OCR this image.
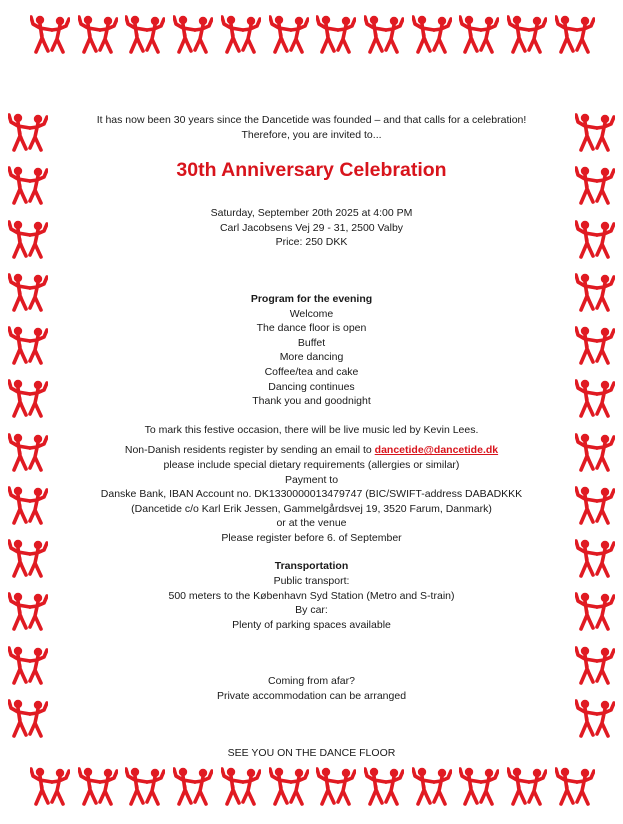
It has now been 30 years since the Dancetide was founded – and that calls for a celebration!

Therefore, you are invited to...

30th Anniversary Celebration

Saturday, September 20th 2025 at 4:00 PM

Carl Jacobsens Vej 29 - 31, 2500 Valby

Price: 250 DKK

Program for the evening

Welcome

The dance floor is open

Buffet

More dancing

Coffee/tea and cake

Dancing continues

Thank you and goodnight

To mark this festive occasion, there will be live music led by Kevin Lees.

Non-Danish residents register by sending an email to dancetide@dancetide.dk

please include special dietary requirements (allergies or similar)

Payment to

Danske Bank, IBAN Account no. DK1330000013479747 (BIC/SWIFT-address DABADKKK

(Dancetide c/o Karl Erik Jessen, Gammelgårdsvej 19, 3520 Farum, Danmark)

or at the venue

Please register before 6. of September

Transportation

Public transport:

500 meters to the København Syd Station (Metro and S-train)

By car:

Plenty of parking spaces available

Coming from afar?

Private accommodation can be arranged

SEE YOU ON THE DANCE FLOOR
